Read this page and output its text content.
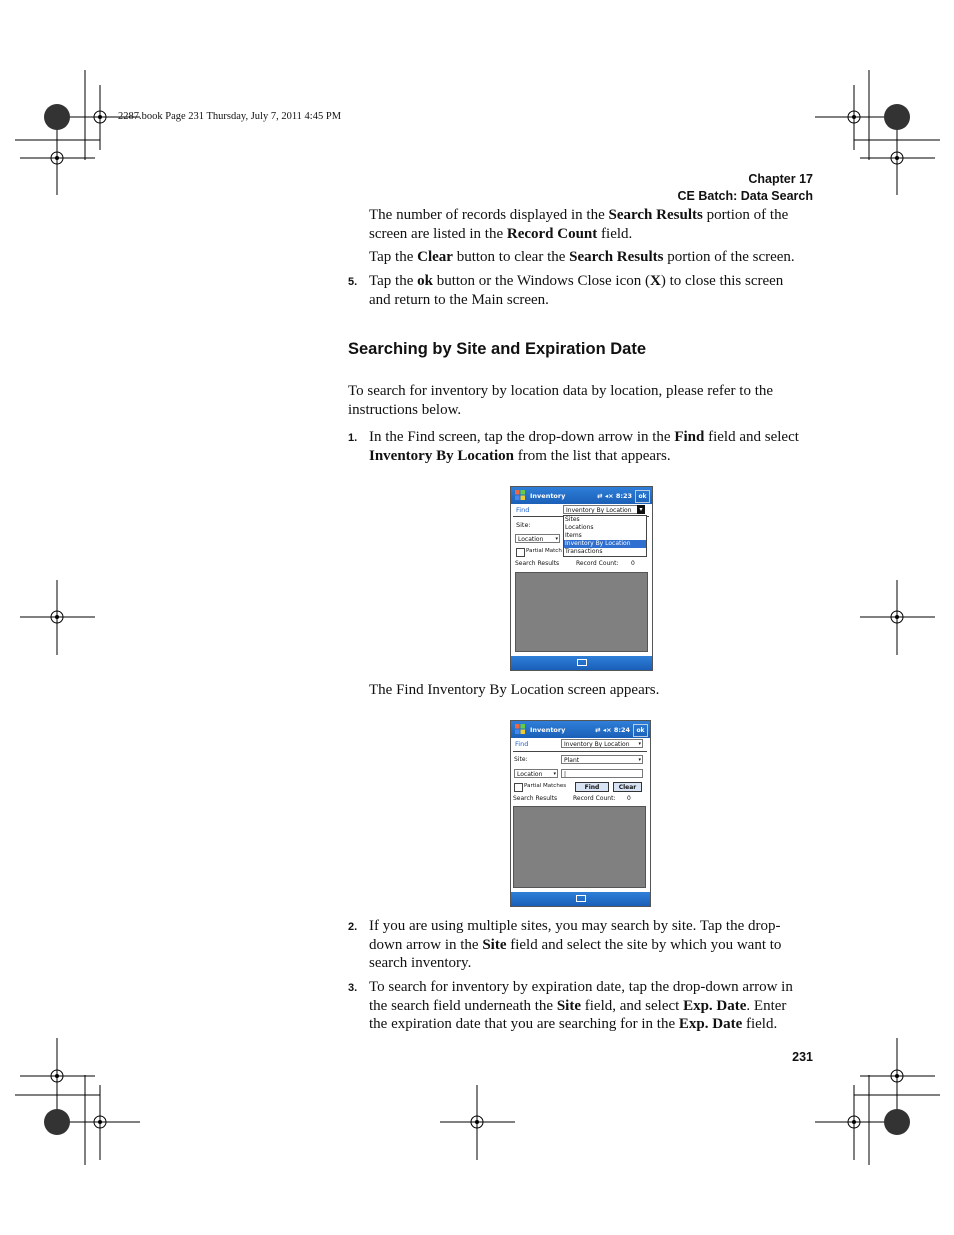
2287.book Page 231 Thursday, July 7, 2011 4:45 PM
Chapter 17
CE Batch: Data Search
The number of records displayed in the Search Results portion of the
screen are listed in the Record Count field.
Tap the Clear button to clear the Search Results portion of the screen.
5. Tap the ok button or the Windows Close icon (X) to close this screen
and return to the Main screen.
Searching by Site and Expiration Date
To search for inventory by location data by location, please refer to the
instructions below.
1. In the Find screen, tap the drop-down arrow in the Find field and select
Inventory By Location from the list that appears.
Inventory	⇄ ◂× 8:23	ok
Find	Inventory By Location	▾
Site:
Location ▾
Partial Match
Search Results	Record Count: 0
Sites
Locations
Items
Inventory By Location
Transactions
The Find Inventory By Location screen appears.
Inventory	⇄ ◂× 8:24	ok
Find	Inventory By Location ▾
Site:	Plant	▾
Location ▾	|
Partial Matches	Find	Clear
Search Results	Record Count: 0
2. If you are using multiple sites, you may search by site. Tap the drop-
down arrow in the Site field and select the site by which you want to
search inventory.
3. To search for inventory by expiration date, tap the drop-down arrow in
the search field underneath the Site field, and select Exp. Date. Enter
the expiration date that you are searching for in the Exp. Date field.
231
